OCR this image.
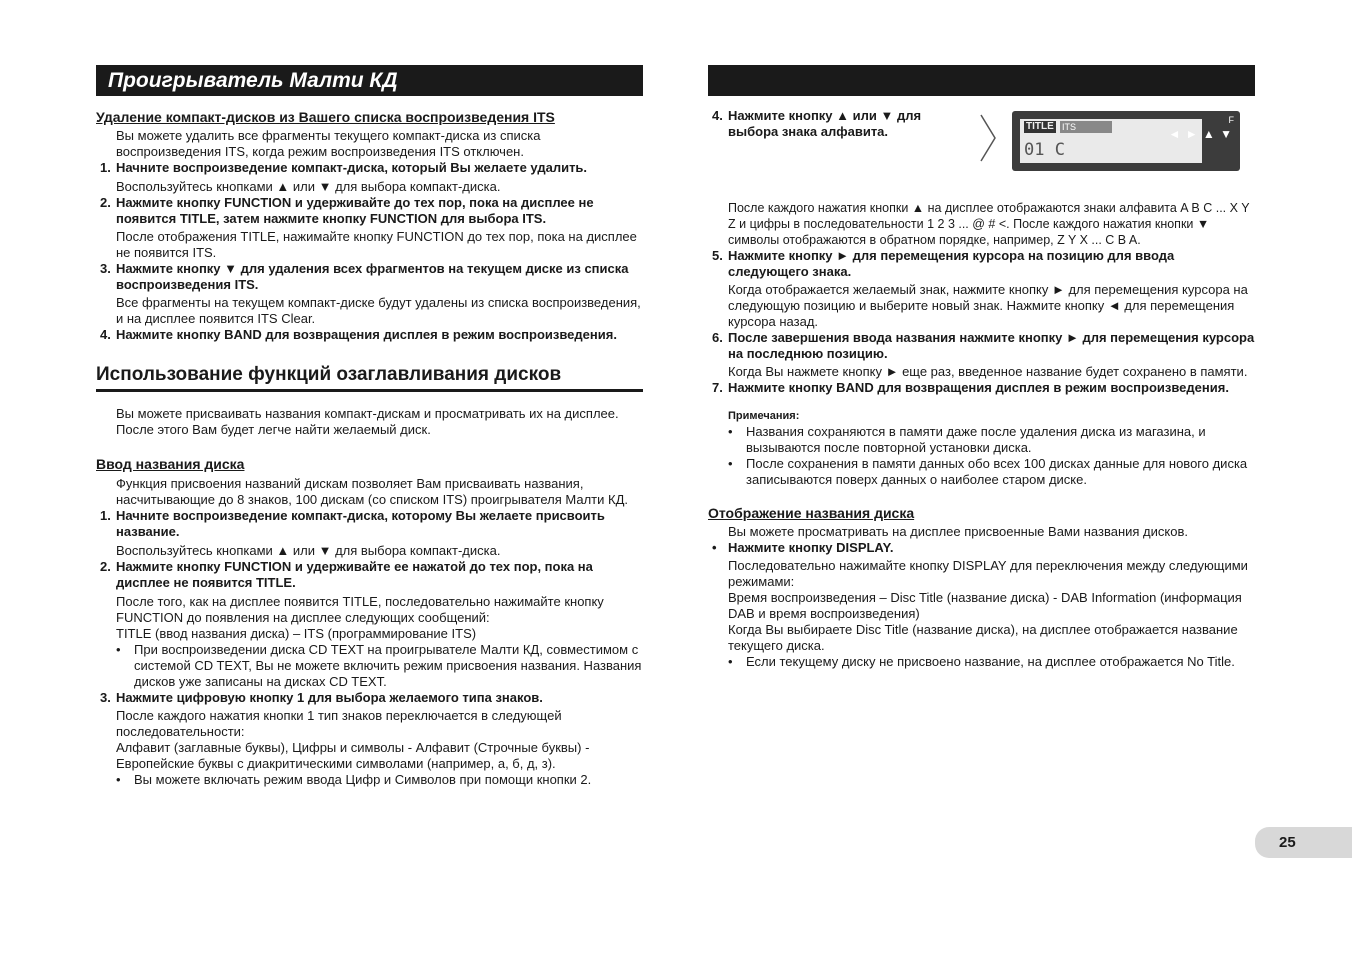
Проигрыватель Малти КД
Удаление компакт-дисков из Вашего списка воспроизведения ITS
Вы можете удалить все фрагменты текущего компакт-диска из списка воспроизведения ITS, когда режим воспроизведения ITS отключен.
1. Начните воспроизведение компакт-диска, который Вы желаете удалить.
Воспользуйтесь кнопками ▲ или ▼ для выбора компакт-диска.
2. Нажмите кнопку FUNCTION и удерживайте до тех пор, пока на дисплее не появится TITLE, затем нажмите кнопку FUNCTION для выбора ITS.
После отображения TITLE, нажимайте кнопку FUNCTION до тех пор, пока на дисплее не появится ITS.
3. Нажмите кнопку ▼ для удаления всех фрагментов на текущем диске из списка воспроизведения ITS.
Все фрагменты на текущем компакт-диске будут удалены из списка воспроизведения, и на дисплее появится ITS Clear.
4. Нажмите кнопку BAND для возвращения дисплея в режим воспроизведения.
Использование функций озаглавливания дисков
Вы можете присваивать названия компакт-дискам и просматривать их на дисплее. После этого Вам будет легче найти желаемый диск.
Ввод названия диска
Функция присвоения названий дискам позволяет Вам присваивать названия, насчитывающие до 8 знаков, 100 дискам (со списком ITS) проигрывателя Малти КД.
1. Начните воспроизведение компакт-диска, которому Вы желаете присвоить название.
Воспользуйтесь кнопками ▲ или ▼ для выбора компакт-диска.
2. Нажмите кнопку FUNCTION и удерживайте ее нажатой до тех пор, пока на дисплее не появится TITLE.
После того, как на дисплее появится TITLE, последовательно нажимайте кнопку FUNCTION до появления на дисплее следующих сообщений:
TITLE (ввод названия диска) – ITS (программирование ITS)
•	При воспроизведении диска CD TEXT на проигрывателе Малти КД, совместимом с системой CD TEXT, Вы не можете включить режим присвоения названия. Названия дисков уже записаны на дисках CD TEXT.
3. Нажмите цифровую кнопку 1 для выбора желаемого типа знаков.
После каждого нажатия кнопки 1 тип знаков переключается в следующей последовательности:
Алфавит (заглавные буквы), Цифры и символы - Алфавит (Строчные буквы) - Европейские буквы с диакритическими символами (например, а, б, д, з).
•	Вы можете включать режим ввода Цифр и Символов при помощи кнопки 2.
4. Нажмите кнопку ▲ или ▼ для выбора знака алфавита.
После каждого нажатия кнопки ▲ на дисплее отображаются знаки алфавита A B C ... X Y Z и цифры в последовательности 1 2 3 ... @ # <. После каждого нажатия кнопки ▼ символы отображаются в обратном порядке, например, Z Y X ... C B A.
5. Нажмите кнопку ► для перемещения курсора на позицию для ввода следующего знака.
Когда отображается желаемый знак, нажмите кнопку ► для перемещения курсора на следующую позицию и выберите новый знак. Нажмите кнопку ◄ для перемещения курсора назад.
6. После завершения ввода названия нажмите кнопку ► для перемещения курсора на последнюю позицию.
Когда Вы нажмете кнопку ► еще раз, введенное название будет сохранено в памяти.
7. Нажмите кнопку BAND для возвращения дисплея в режим воспроизведения.
Примечания:
•	Названия сохраняются в памяти даже после удаления диска из магазина, и вызываются после повторной установки диска.
•	После сохранения в памяти данных обо всех 100 дисках данные для нового диска записываются поверх данных о наиболее старом диске.
Отображение названия диска
Вы можете просматривать на дисплее присвоенные Вами названия дисков.
• Нажмите кнопку DISPLAY.
Последовательно нажимайте кнопку DISPLAY для переключения между следующими режимами:
Время воспроизведения – Disc Title (название диска) - DAB Information (информация DAB и время воспроизведения)
Когда Вы выбираете Disc Title (название диска), на дисплее отображается название текущего диска.
•	Если текущему диску не присвоено название, на дисплее отображается No Title.
TITLE ITS
01 C
F
◄ ► ▲ ▼
25
